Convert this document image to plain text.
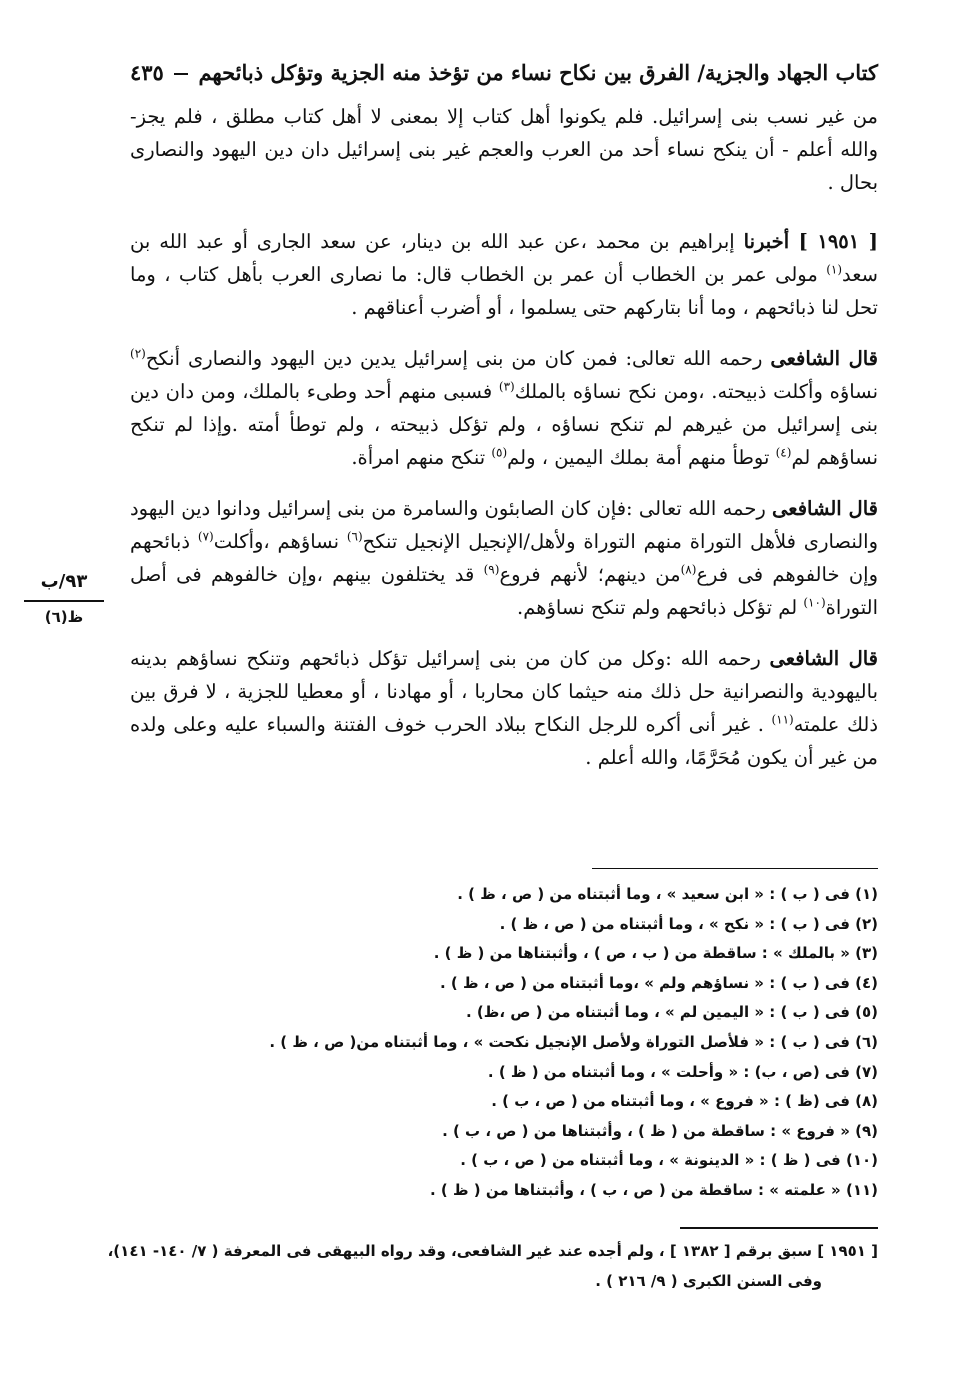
كتاب الجهاد والجزية/ الفرق بين نكاح نساء من تؤخذ منه الجزية وتؤكل ذبائحهم
٤٣٥
٩٣/ب
ظ(٦)

من غير نسب بنى إسرائيل. فلم يكونوا أهل كتاب إلا بمعنى لا أهل كتاب مطلق ، فلم يجز- والله أعلم - أن ينكح نساء أحد من العرب والعجم غير بنى إسرائيل دان دين اليهود والنصارى بحال .

[ ١٩٥١ ] أخبرنا إبراهيم بن محمد ،عن عبد الله بن دينار، عن سعد الجارى أو عبد الله بن سعد$^{(١)}$ مولى عمر بن الخطاب أن عمر بن الخطاب قال: ما نصارى العرب بأهل كتاب ، وما تحل لنا ذبائحهم ، وما أنا بتاركهم حتى يسلموا ، أو أضرب أعناقهم .

قال الشافعى رحمه الله تعالى: فمن كان من بنى إسرائيل يدين دين اليهود والنصارى أنكح$^{(٢)}$ نساؤه وأكلت ذبيحته. ،ومن نكح نساؤه بالملك$^{(٣)}$ فسبى منهم أحد وطىء بالملك، ومن دان دين بنى إسرائيل من غيرهم لم تنكح نساؤه ، ولم تؤكل ذبيحته ، ولم توطأ أمته .وإذا لم تنكح نساؤهم لم$^{(٤)}$ توطأ منهم أمة بملك اليمين ، ولم$^{(٥)}$ تنكح منهم امرأة.

قال الشافعى رحمه الله تعالى :فإن كان الصابئون والسامرة من بنى إسرائيل ودانوا دين اليهود والنصارى فلأهل التوراة منهم التوراة ولأهل/الإنجيل الإنجيل تنكح$^{(٦)}$ نساؤهم ،وأكلت$^{(٧)}$ ذبائحهم وإن خالفوهم فى فرع$^{(٨)}$من دينهم؛ لأنهم فروع$^{(٩)}$ قد يختلفون بينهم ،وإن خالفوهم فى أصل التوراة$^{(١٠)}$ لم تؤكل ذبائحهم ولم تنكح نساؤهم.

قال الشافعى رحمه الله :وكل من كان من بنى إسرائيل تؤكل ذبائحهم وتنكح نساؤهم بدينه باليهودية والنصرانية حل ذلك منه حيثما كان محاربا ، أو مهادنا ، أو معطيا للجزية ، لا فرق بين ذلك علمته$^{(١١)}$ . غير أنى أكره للرجل النكاح ببلاد الحرب خوف الفتنة والسباء عليه وعلى ولده من غير أن يكون مُحَرَّمًا، والله أعلم .

(١) فى ( ب ) : « ابن سعيد » ، وما أثبتناه من ( ص ، ظ ) .
(٢) فى ( ب ) : « نكح » ، وما أثبتناه من ( ص ، ظ ) .
(٣) « بالملك » : ساقطة من ( ب ، ص ) ، وأثبتناها من ( ظ ) .
(٤) فى ( ب ) : « نساؤهم ولم » ،وما أثبتناه من ( ص ، ظ ) .
(٥) فى ( ب ) : « اليمين لم » ، وما أثبتناه من ( ص ،ظ) .
(٦) فى ( ب ) : « فلأصل التوراة ولأصل الإنجيل نكحت » ، وما أثبتناه من( ص ، ظ ) .
(٧) فى (ص ، ب) : « وأحلت » ، وما أثبتناه من ( ظ ) .
(٨) فى (ظ ) : « فروع » ، وما أثبتناه من ( ص ، ب ) .
(٩) « فروع » : ساقطة من ( ظ ) ، وأثبتناها من ( ص ، ب ) .
(١٠) فى ( ظ ) : « الدينونة » ، وما أثبتناه من ( ص ، ب ) .
(١١) « علمته » : ساقطة من ( ص ، ب ) ، وأثبتناها من ( ظ ) .
[ ١٩٥١ ] سبق برقم [ ١٣٨٢ ] ، ولم أجده عند غير الشافعى، وقد رواه البيهقى فى المعرفة ( ٧/ ١٤٠- ١٤١)،
وفى السنن الكبرى ( ٩/ ٢١٦ ) .
